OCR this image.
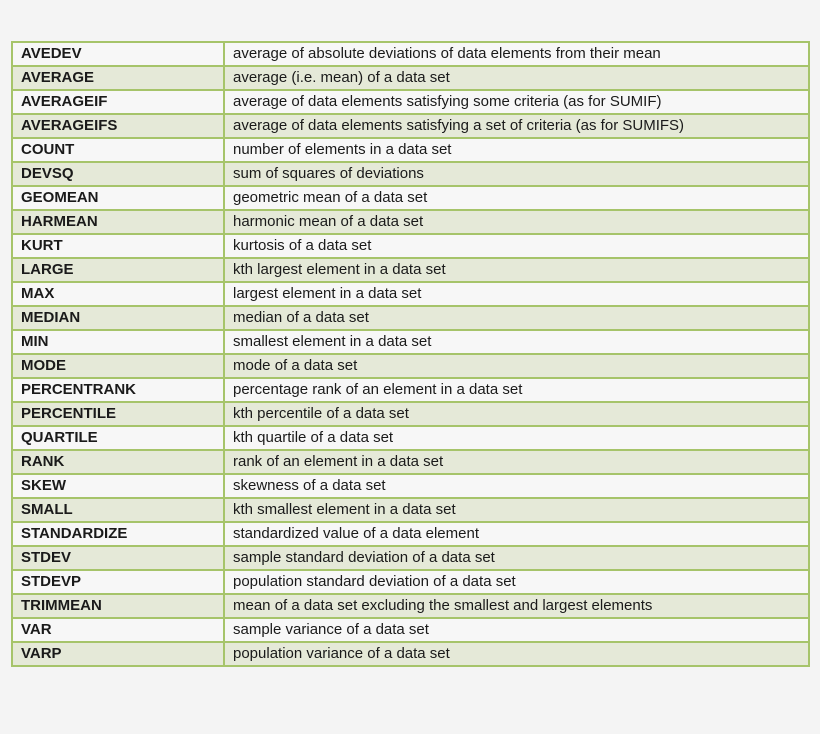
AVEDEV	average of absolute deviations of data elements from their mean
AVERAGE	average (i.e. mean) of a data set
AVERAGEIF	average of data elements satisfying some criteria (as for SUMIF)
AVERAGEIFS	average of data elements satisfying a set of criteria (as for SUMIFS)
COUNT	number of elements in a data set
DEVSQ	sum of squares of deviations
GEOMEAN	geometric mean of a data set
HARMEAN	harmonic mean of a data set
KURT	kurtosis of a data set
LARGE	kth largest element in a data set
MAX	largest element in a data set
MEDIAN	median of a data set
MIN	smallest element in a data set
MODE	mode of a data set
PERCENTRANK	percentage rank of an element in a data set
PERCENTILE	kth percentile of a data set
QUARTILE	kth quartile of a data set
RANK	rank of an element in a data set
SKEW	skewness of a data set
SMALL	kth smallest element in a data set
STANDARDIZE	standardized value of a data element
STDEV	sample standard deviation of a data set
STDEVP	population standard deviation of a data set
TRIMMEAN	mean of a data set excluding the smallest and largest elements
VAR	sample variance of a data set
VARP	population variance of a data set
